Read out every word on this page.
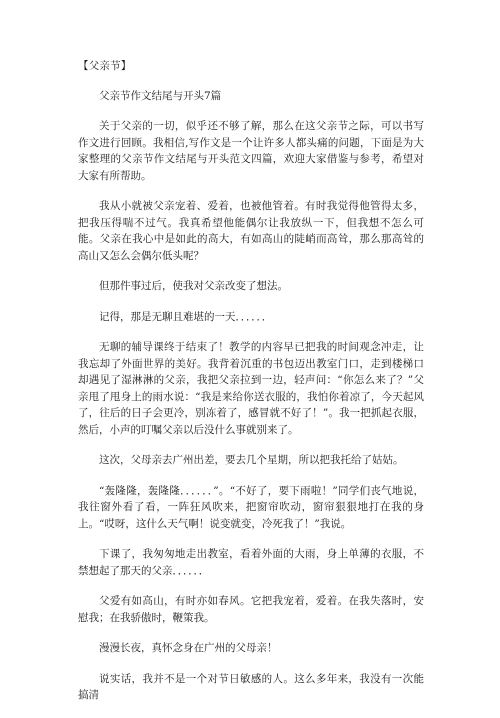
【父亲节】

父亲节作文结尾与开头7篇

关于父亲的一切，似乎还不够了解，那么在这父亲节之际，可以书写作文进行回顾。我相信,写作文是一个让许多人都头痛的问题，下面是为大家整理的父亲节作文结尾与开头范文四篇，欢迎大家借鉴与参考，希望对大家有所帮助。

我从小就被父亲宠着、爱着，也被他管着。有时我觉得他管得太多，把我压得喘不过气。我真希望他能偶尔让我放纵一下，但我想不怎么可能。父亲在我心中是如此的高大，有如高山的陡峭而高耸，那么那高耸的高山又怎么会偶尔低头呢？

但那件事过后，使我对父亲改变了想法。

记得，那是无聊且难堪的一天．．．．．．

无聊的辅导课终于结束了！教学的内容早已把我的时间观念冲走，让我忘却了外面世界的美好。我背着沉重的书包迈出教室门口，走到楼梯口却遇见了湿淋淋的父亲，我把父亲拉到一边，轻声问：“你怎么来了？”父亲甩了甩身上的雨水说：“我是来给你送衣服的，我怕你着凉了，今天起风了，往后的日子会更冷，别冻着了，感冒就不好了！”。我一把抓起衣服，然后，小声的叮嘱父亲以后没什么事就别来了。

这次，父母亲去广州出差，要去几个星期，所以把我托给了姑姑。

“轰隆隆，轰隆隆．．．．．．”。“不好了，要下雨啦！”同学们丧气地说，我往窗外看了看，一阵狂风吹来，把窗帘吹动，窗帘狠狠地打在我的身上。“哎呀，这什么天气啊！说变就变，冷死我了！”我说。

下课了，我匆匆地走出教室，看着外面的大雨，身上单薄的衣服，不禁想起了那天的父亲．．．．．．

父爱有如高山，有时亦如春风。它把我宠着，爱着。在我失落时，安慰我；在我骄傲时，鞭策我。

漫漫长夜，真怀念身在广州的父母亲！

说实话，我并不是一个对节日敏感的人。这么多年来，我没有一次能搞清
